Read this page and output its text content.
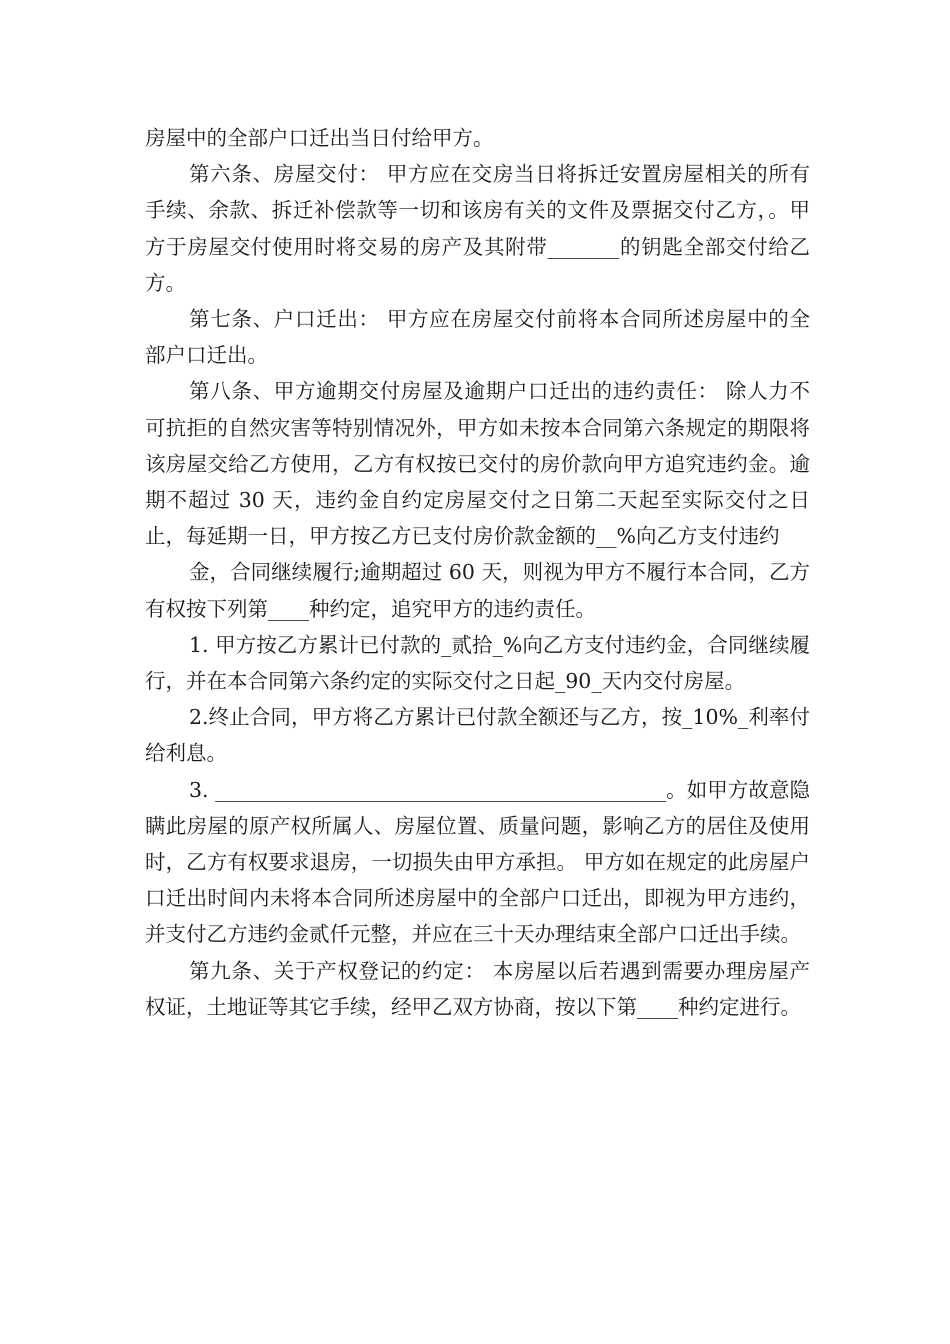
房屋中的全部户口迁出当日付给甲方。

第六条、房屋交付： 甲方应在交房当日将拆迁安置房屋相关的所有手续、余款、拆迁补偿款等一切和该房有关的文件及票据交付乙方，。甲方于房屋交付使用时将交易的房产及其附带_______的钥匙全部交付给乙方。

第七条、户口迁出： 甲方应在房屋交付前将本合同所述房屋中的全部户口迁出。

第八条、甲方逾期交付房屋及逾期户口迁出的违约责任： 除人力不可抗拒的自然灾害等特别情况外，甲方如未按本合同第六条规定的期限将该房屋交给乙方使用，乙方有权按已交付的房价款向甲方追究违约金。逾期不超过 30 天，违约金自约定房屋交付之日第二天起至实际交付之日止，每延期一日，甲方按乙方已支付房价款金额的__%向乙方支付违约

金，合同继续履行;逾期超过 60 天，则视为甲方不履行本合同，乙方有权按下列第____种约定，追究甲方的违约责任。

1. 甲方按乙方累计已付款的_贰拾_%向乙方支付违约金，合同继续履行，并在本合同第六条约定的实际交付之日起_90_天内交付房屋。

2.终止合同，甲方将乙方累计已付款全额还与乙方，按_10%_利率付给利息。

3. ____________________________________________。如甲方故意隐瞒此房屋的原产权所属人、房屋位置、质量问题，影响乙方的居住及使用时，乙方有权要求退房，一切损失由甲方承担。 甲方如在规定的此房屋户口迁出时间内未将本合同所述房屋中的全部户口迁出，即视为甲方违约，并支付乙方违约金贰仟元整，并应在三十天办理结束全部户口迁出手续。

第九条、关于产权登记的约定： 本房屋以后若遇到需要办理房屋产权证，土地证等其它手续，经甲乙双方协商，按以下第____种约定进行。
